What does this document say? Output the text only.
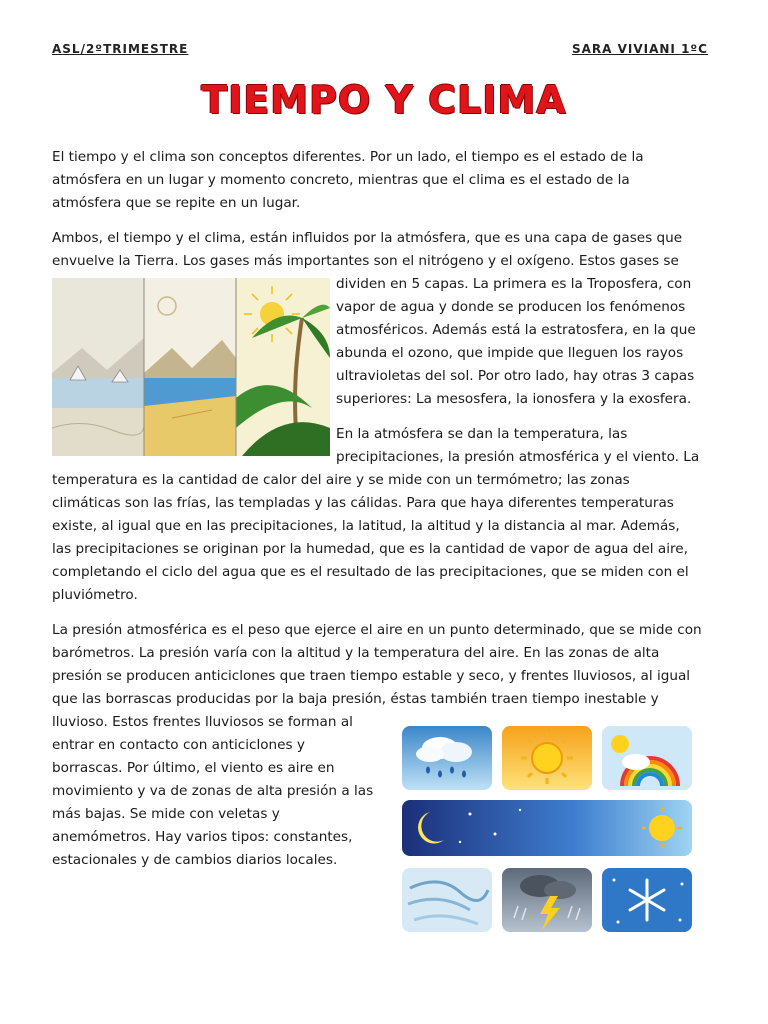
ASL/2ºTRIMESTRE	SARA VIVIANI 1ºC
TIEMPO Y CLIMA
El tiempo y el clima son conceptos diferentes. Por un lado, el tiempo es el estado de la
atmósfera en un lugar y momento concreto, mientras que el clima es el estado de la
atmósfera que se repite en un lugar.
Ambos, el tiempo y el clima, están influidos por la atmósfera, que es una capa de gases que
envuelve la Tierra. Los gases más importantes son el nitrógeno y el oxígeno. Estos gases se
dividen en 5 capas. La primera es la Troposfera, con
vapor de agua y donde se producen los fenómenos
atmosféricos. Además está la estratosfera, en la que
abunda el ozono, que impide que lleguen los rayos
ultravioletas del sol. Por otro lado, hay otras 3 capas
superiores: La mesosfera, la ionosfera y la exosfera.
En la atmósfera se dan la temperatura, las
precipitaciones, la presión atmosférica y el viento. La
temperatura es la cantidad de calor del aire y se mide con un termómetro; las zonas
climáticas son las frías, las templadas y las cálidas. Para que haya diferentes temperaturas
existe, al igual que en las precipitaciones, la latitud, la altitud y la distancia al mar. Además,
las precipitaciones se originan por la humedad, que es la cantidad de vapor de agua del aire,
completando el ciclo del agua que es el resultado de las precipitaciones, que se miden con el
pluviómetro.
La presión atmosférica es el peso que ejerce el aire en un punto determinado, que se mide con
barómetros. La presión varía con la altitud y la temperatura del aire. En las zonas de alta
presión se producen anticiclones que traen tiempo estable y seco, y frentes lluviosos, al igual
que las borrascas producidas por la baja presión, éstas también traen tiempo inestable y
lluvioso. Estos frentes lluviosos se forman al
entrar en contacto con anticiclones y
borrascas. Por último, el viento es aire en
movimiento y va de zonas de alta presión a las
más bajas. Se mide con veletas y
anemómetros. Hay varios tipos: constantes,
estacionales y de cambios diarios locales.
